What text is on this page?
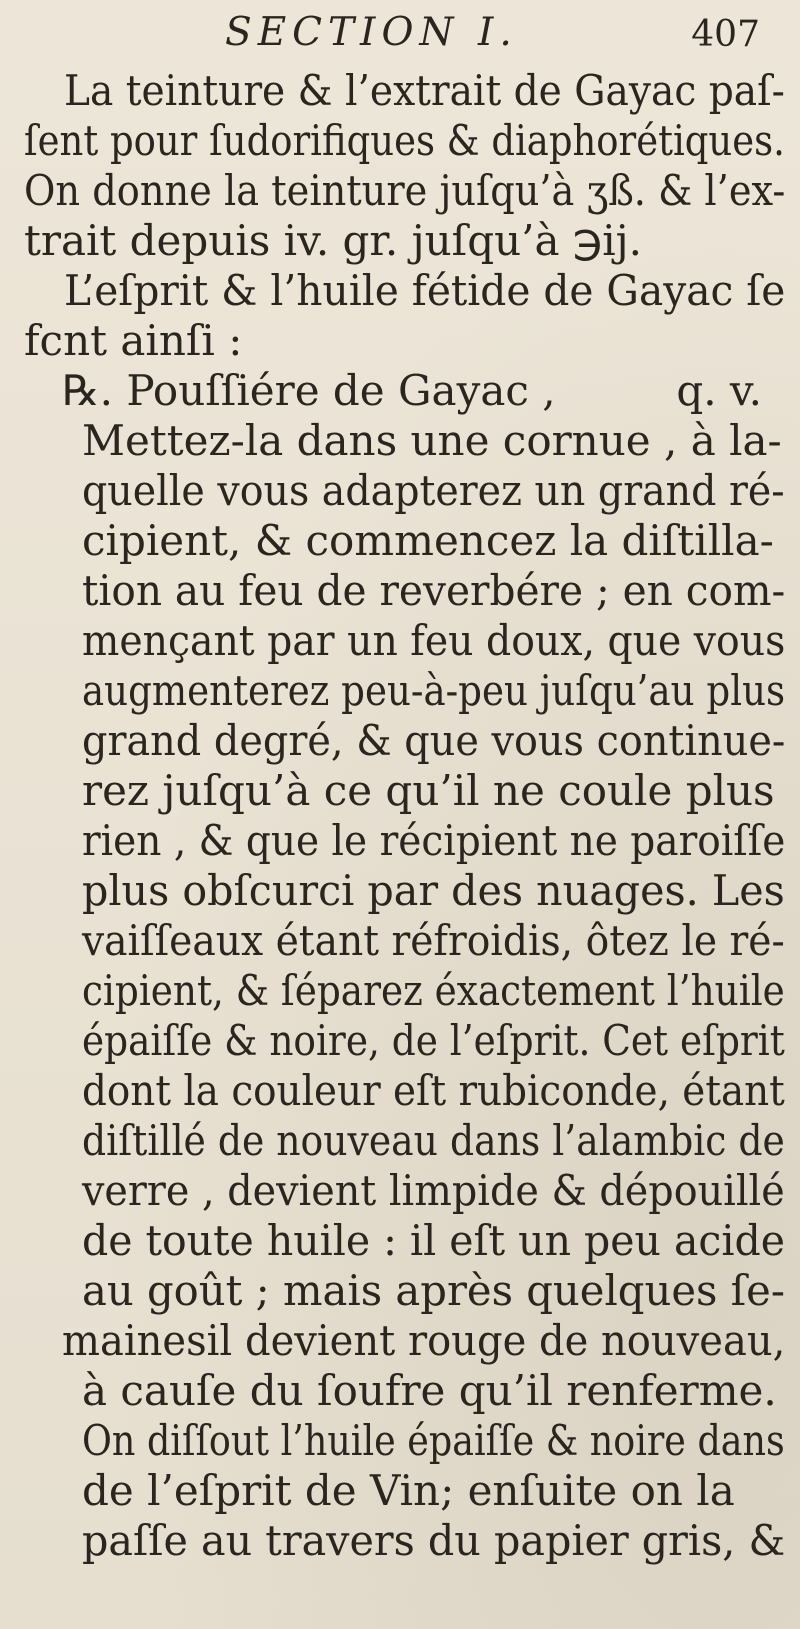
SECTION I.	407
La teinture & l’extrait de Gayac paſ-
ſent pour ſudorifiques & diaphorétiques.
On donne la teinture juſqu’à ʒß. & l’ex-
trait depuis iv. gr. juſqu’à ℈ij.
L’eſprit & l’huile fétide de Gayac ſe
fcnt ainſi :
℞. Pouſſiére de Gayac ,	q. v.
Mettez-la dans une cornue , à la-
quelle vous adapterez un grand ré-
cipient, & commencez la diſtilla-
tion au feu de reverbére ; en com-
mençant par un feu doux, que vous
augmenterez peu-à-peu juſqu’au plus
grand degré, & que vous continue-
rez juſqu’à ce qu’il ne coule plus
rien , & que le récipient ne paroiſſe
plus obſcurci par des nuages. Les
vaiſſeaux étant réfroidis, ôtez le ré-
cipient, & ſéparez éxactement l’huile
épaiſſe & noire, de l’eſprit. Cet eſprit
dont la couleur eſt rubiconde, étant
diſtillé de nouveau dans l’alambic de
verre , devient limpide & dépouillé
de toute huile : il eſt un peu acide
au goût ; mais après quelques ſe-
mainesil devient rouge de nouveau,
à cauſe du ſoufre qu’il renferme.
On diſſout l’huile épaiſſe & noire dans
de l’eſprit de Vin; enſuite on la
paſſe au travers du papier gris, &
